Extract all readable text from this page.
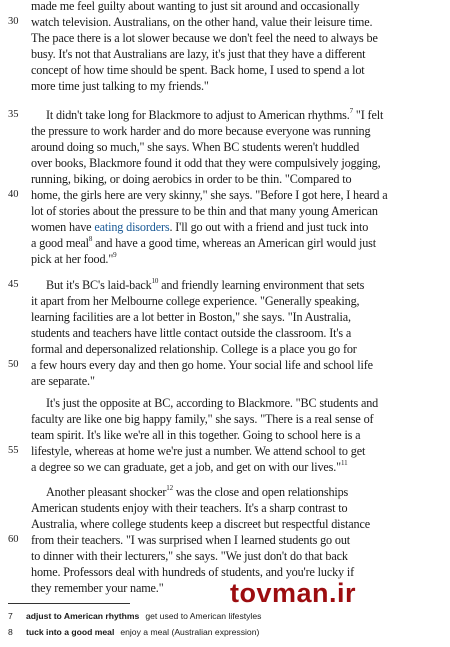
30
35
40
45
50
55
60
made me feel guilty about wanting to just sit around and occasionally
watch television. Australians, on the other hand, value their leisure time.
The pace there is a lot slower because we don't feel the need to always be
busy. It's not that Australians are lazy, it's just that they have a different
concept of how time should be spent. Back home, I used to spend a lot
more time just talking to my friends."
It didn't take long for Blackmore to adjust to American rhythms.$^7$ "I felt
the pressure to work harder and do more because everyone was running
around doing so much," she says. When BC students weren't huddled
over books, Blackmore found it odd that they were compulsively jogging,
running, biking, or doing aerobics in order to be thin. "Compared to
home, the girls here are very skinny," she says. "Before I got here, I heard a
lot of stories about the pressure to be thin and that many young American
women have eating disorders. I'll go out with a friend and just tuck into
a good meal$^8$ and have a good time, whereas an American girl would just
pick at her food."$^9$
But it's BC's laid-back$^{10}$ and friendly learning environment that sets
it apart from her Melbourne college experience. "Generally speaking,
learning facilities are a lot better in Boston," she says. "In Australia,
students and teachers have little contact outside the classroom. It's a
formal and depersonalized relationship. College is a place you go for
a few hours every day and then go home. Your social life and school life
are separate."
It's just the opposite at BC, according to Blackmore. "BC students and
faculty are like one big happy family," she says. "There is a real sense of
team spirit. It's like we're all in this together. Going to school here is a
lifestyle, whereas at home we're just a number. We attend school to get
a degree so we can graduate, get a job, and get on with our lives."$^{11}$
Another pleasant shocker$^{12}$ was the close and open relationships
American students enjoy with their teachers. It's a sharp contrast to
Australia, where college students keep a discreet but respectful distance
from their teachers. "I was surprised when I learned students go out
to dinner with their lecturers," she says. "We just don't do that back
home. Professors deal with hundreds of students, and you're lucky if
they remember your name."	tovman.ir
7 adjust to American rhythms get used to American lifestyles
8 tuck into a good meal enjoy a meal (Australian expression)
